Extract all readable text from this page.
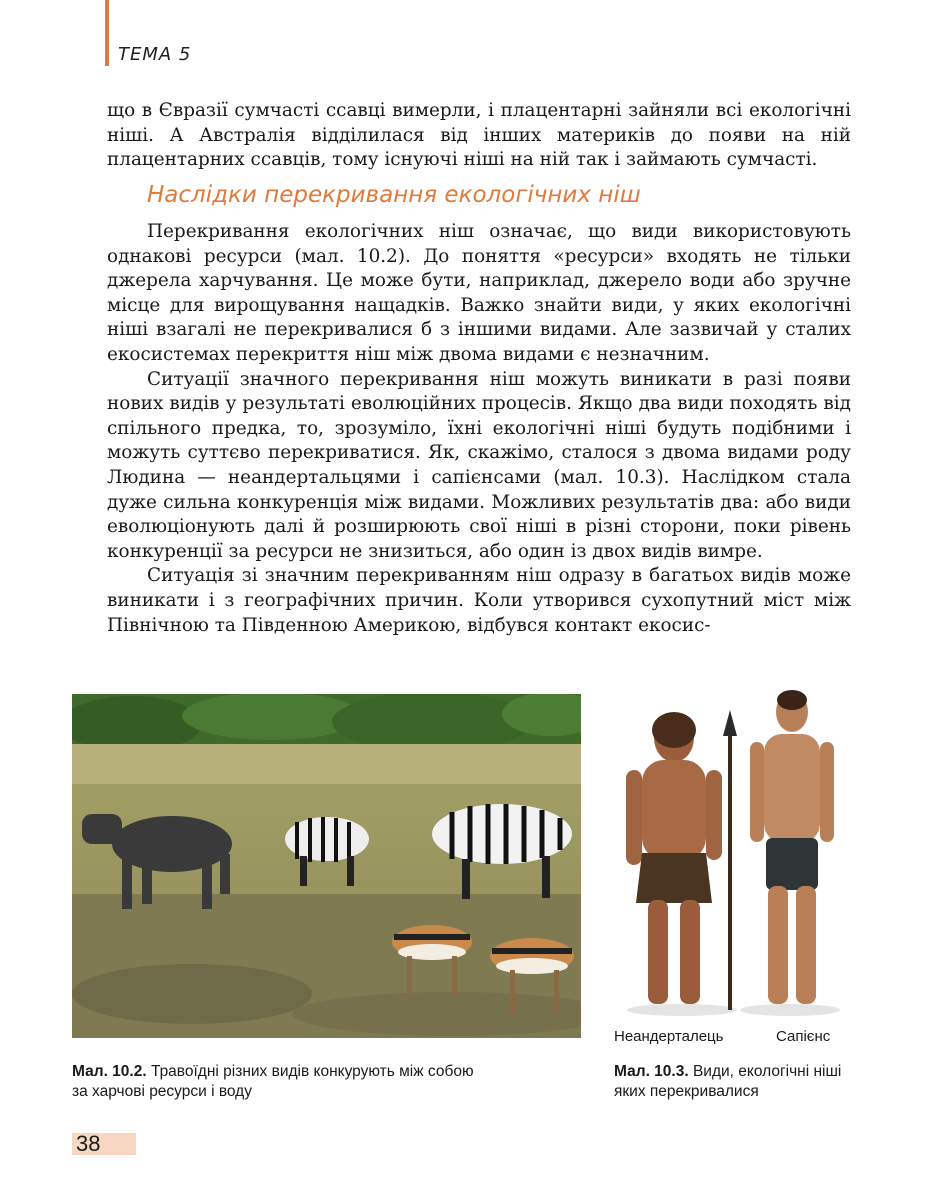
ТЕМА 5

що в Євразії сумчасті ссавці вимерли, і плацентарні зайняли всі екологічні ніші. А Австралія відділилася від інших материків до появи на ній плацентарних ссавців, тому існуючі ніші на ній так і займають сумчасті.

Наслідки перекривання екологічних ніш

Перекривання екологічних ніш означає, що види використовують однакові ресурси (мал. 10.2). До поняття «ресурси» входять не тільки джерела харчування. Це може бути, наприклад, джерело води або зручне місце для вирощування нащадків. Важко знайти види, у яких екологічні ніші взагалі не перекривалися б з іншими видами. Але зазвичай у сталих екосистемах перекриття ніш між двома видами є незначним.

Ситуації значного перекривання ніш можуть виникати в разі появи нових видів у результаті еволюційних процесів. Якщо два види походять від спільного предка, то, зрозуміло, їхні екологічні ніші будуть подібними і можуть суттєво перекриватися. Як, скажімо, сталося з двома видами роду Людина — неандертальцями і сапієнсами (мал. 10.3). Наслідком стала дуже сильна конкуренція між видами. Можливих результатів два: або види еволюціонують далі й розширюють свої ніші в різні сторони, поки рівень конкуренції за ресурси не знизиться, або один із двох видів вимре.

Ситуація зі значним перекриванням ніш одразу в багатьох видів може виникати і з географічних причин. Коли утворився сухопутний міст між Північною та Південною Америкою, відбувся контакт екосис-

Мал. 10.2. Травоїдні різних видів конкурують між собою за харчові ресурси і воду
Неандерталець	Сапієнс
Мал. 10.3. Види, екологічні ніші яких перекривалися
38
